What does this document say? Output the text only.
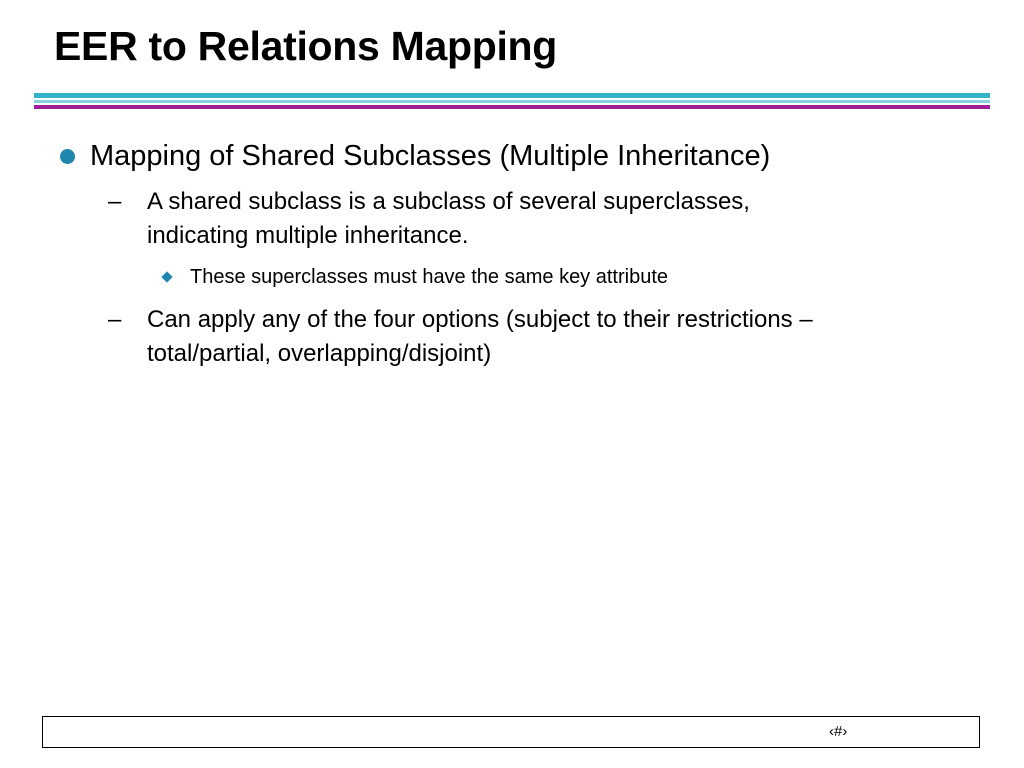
EER to Relations Mapping
Mapping of Shared Subclasses (Multiple Inheritance)
– A shared subclass is a subclass of several superclasses,
indicating multiple inheritance.
These superclasses must have the same key attribute
– Can apply any of the four options (subject to their restrictions –
total/partial, overlapping/disjoint)
‹#›
